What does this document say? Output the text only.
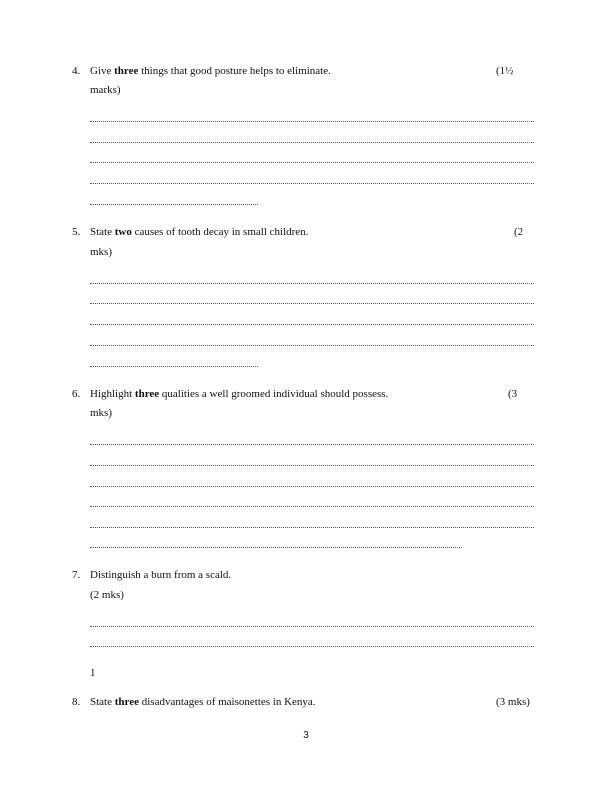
4. Give three things that good posture helps to eliminate.	(1½
marks)
5. State two causes of tooth decay in small children.	(2
mks)
6. Highlight three qualities a well groomed individual should possess.	(3
mks)
7. Distinguish a burn from a scald.
(2 mks)
1
8. State three disadvantages of maisonettes in Kenya.	(3 mks)
3
